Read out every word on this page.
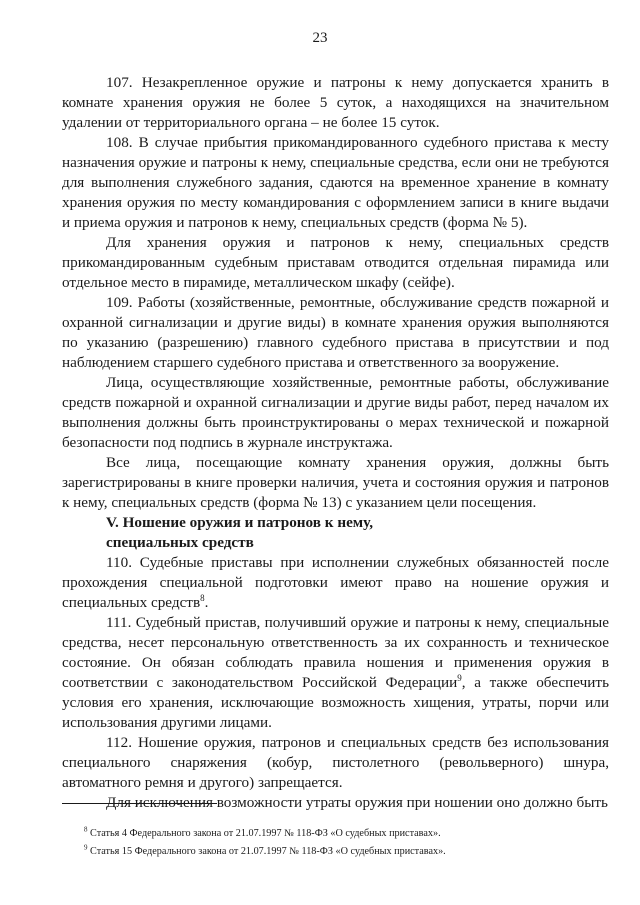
23

107. Незакрепленное оружие и патроны к нему допускается хранить в комнате хранения оружия не более 5 суток, а находящихся на значительном удалении от территориального органа – не более 15 суток.

108. В случае прибытия прикомандированного судебного пристава к месту назначения оружие и патроны к нему, специальные средства, если они не требуются для выполнения служебного задания, сдаются на временное хранение в комнату хранения оружия по месту командирования с оформлением записи в книге выдачи и приема оружия и патронов к нему, специальных средств (форма № 5).

Для хранения оружия и патронов к нему, специальных средств прикомандированным судебным приставам отводится отдельная пирамида или отдельное место в пирамиде, металлическом шкафу (сейфе).

109. Работы (хозяйственные, ремонтные, обслуживание средств пожарной и охранной сигнализации и другие виды) в комнате хранения оружия выполняются по указанию (разрешению) главного судебного пристава в присутствии и под наблюдением старшего судебного пристава и ответственного за вооружение.

Лица, осуществляющие хозяйственные, ремонтные работы, обслуживание средств пожарной и охранной сигнализации и другие виды работ, перед началом их выполнения должны быть проинструктированы о мерах технической и пожарной безопасности под подпись в журнале инструктажа.

Все лица, посещающие комнату хранения оружия, должны быть зарегистрированы в книге проверки наличия, учета и состояния оружия и патронов к нему, специальных средств (форма № 13) с указанием цели посещения.

V. Ношение оружия и патронов к нему,
специальных средств

110. Судебные приставы при исполнении служебных обязанностей после прохождения специальной подготовки имеют право на ношение оружия и специальных средств$^8$.

111. Судебный пристав, получивший оружие и патроны к нему, специальные средства, несет персональную ответственность за их сохранность и техническое состояние. Он обязан соблюдать правила ношения и применения оружия в соответствии с законодательством Российской Федерации$^9$, а также обеспечить условия его хранения, исключающие возможность хищения, утраты, порчи или использования другими лицами.

112. Ношение оружия, патронов и специальных средств без использования специального снаряжения (кобур, пистолетного (револьверного) шнура, автоматного ремня и другого) запрещается.

Для исключения возможности утраты оружия при ношении оно должно быть

$^8$ Статья 4 Федерального закона от 21.07.1997 № 118-ФЗ «О судебных приставах».
$^9$ Статья 15 Федерального закона от 21.07.1997 № 118-ФЗ «О судебных приставах».
